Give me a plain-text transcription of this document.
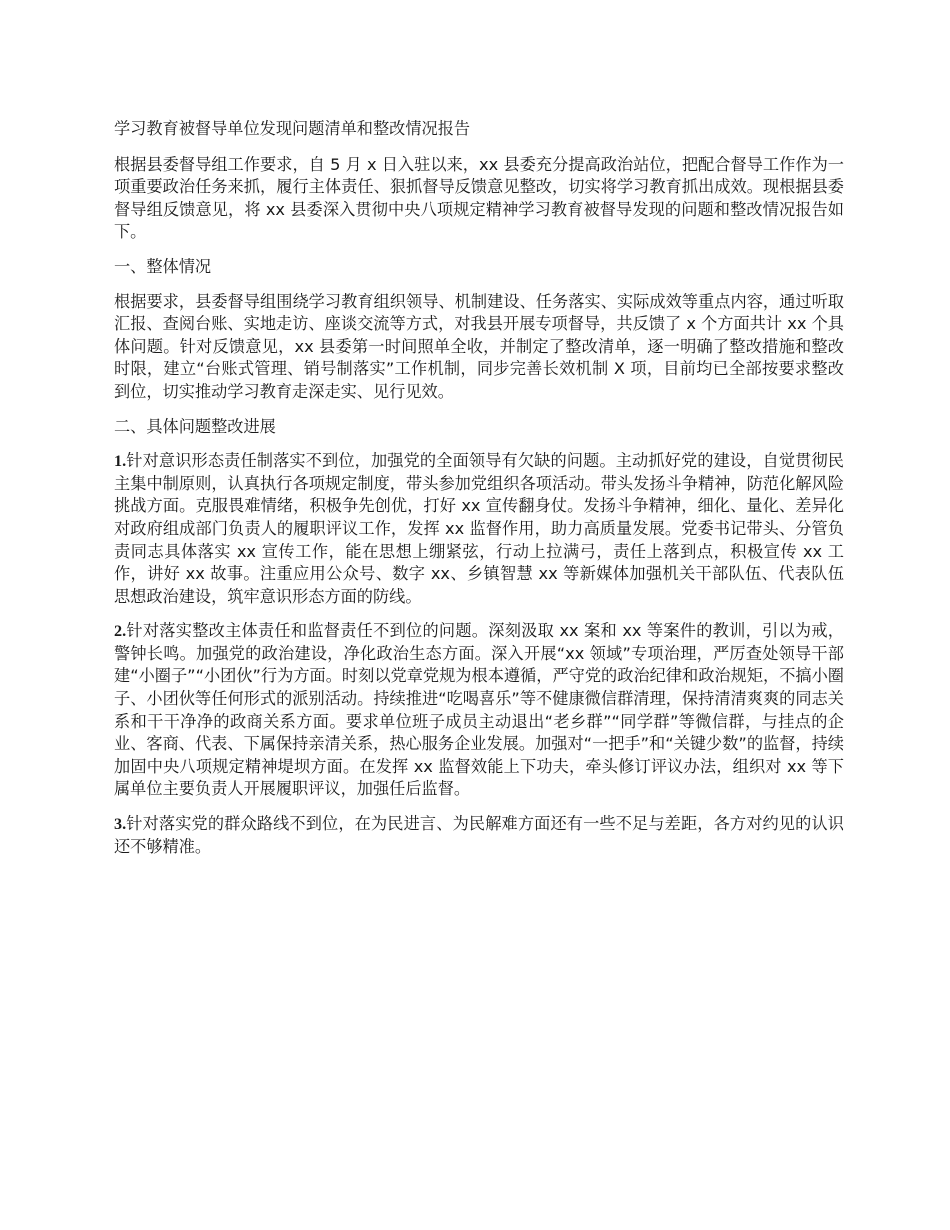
学习教育被督导单位发现问题清单和整改情况报告

根据县委督导组工作要求，自 5 月 x 日入驻以来，xx 县委充分提高政治站位，把配合督导工作作为一项重要政治任务来抓，履行主体责任、狠抓督导反馈意见整改，切实将学习教育抓出成效。现根据县委督导组反馈意见，将 xx 县委深入贯彻中央八项规定精神学习教育被督导发现的问题和整改情况报告如下。

一、整体情况

根据要求，县委督导组围绕学习教育组织领导、机制建设、任务落实、实际成效等重点内容，通过听取汇报、查阅台账、实地走访、座谈交流等方式，对我县开展专项督导，共反馈了 x 个方面共计 xx 个具体问题。针对反馈意见，xx 县委第一时间照单全收，并制定了整改清单，逐一明确了整改措施和整改时限，建立“台账式管理、销号制落实”工作机制，同步完善长效机制 X 项，目前均已全部按要求整改到位，切实推动学习教育走深走实、见行见效。

二、具体问题整改进展

1.针对意识形态责任制落实不到位，加强党的全面领导有欠缺的问题。主动抓好党的建设，自觉贯彻民主集中制原则，认真执行各项规定制度，带头参加党组织各项活动。带头发扬斗争精神，防范化解风险挑战方面。克服畏难情绪，积极争先创优，打好 xx 宣传翻身仗。发扬斗争精神，细化、量化、差异化对政府组成部门负责人的履职评议工作，发挥 xx 监督作用，助力高质量发展。党委书记带头、分管负责同志具体落实 xx 宣传工作，能在思想上绷紧弦，行动上拉满弓，责任上落到点，积极宣传 xx 工作，讲好 xx 故事。注重应用公众号、数字 xx、乡镇智慧 xx 等新媒体加强机关干部队伍、代表队伍思想政治建设，筑牢意识形态方面的防线。

2.针对落实整改主体责任和监督责任不到位的问题。深刻汲取 xx 案和 xx 等案件的教训，引以为戒，警钟长鸣。加强党的政治建设，净化政治生态方面。深入开展“xx 领域”专项治理，严厉查处领导干部建“小圈子”“小团伙”行为方面。时刻以党章党规为根本遵循，严守党的政治纪律和政治规矩，不搞小圈子、小团伙等任何形式的派别活动。持续推进“吃喝喜乐”等不健康微信群清理，保持清清爽爽的同志关系和干干净净的政商关系方面。要求单位班子成员主动退出“老乡群”“同学群”等微信群，与挂点的企业、客商、代表、下属保持亲清关系，热心服务企业发展。加强对“一把手”和“关键少数”的监督，持续加固中央八项规定精神堤坝方面。在发挥 xx 监督效能上下功夫，牵头修订评议办法，组织对 xx 等下属单位主要负责人开展履职评议，加强任后监督。

3.针对落实党的群众路线不到位，在为民进言、为民解难方面还有一些不足与差距，各方对约见的认识还不够精准。
